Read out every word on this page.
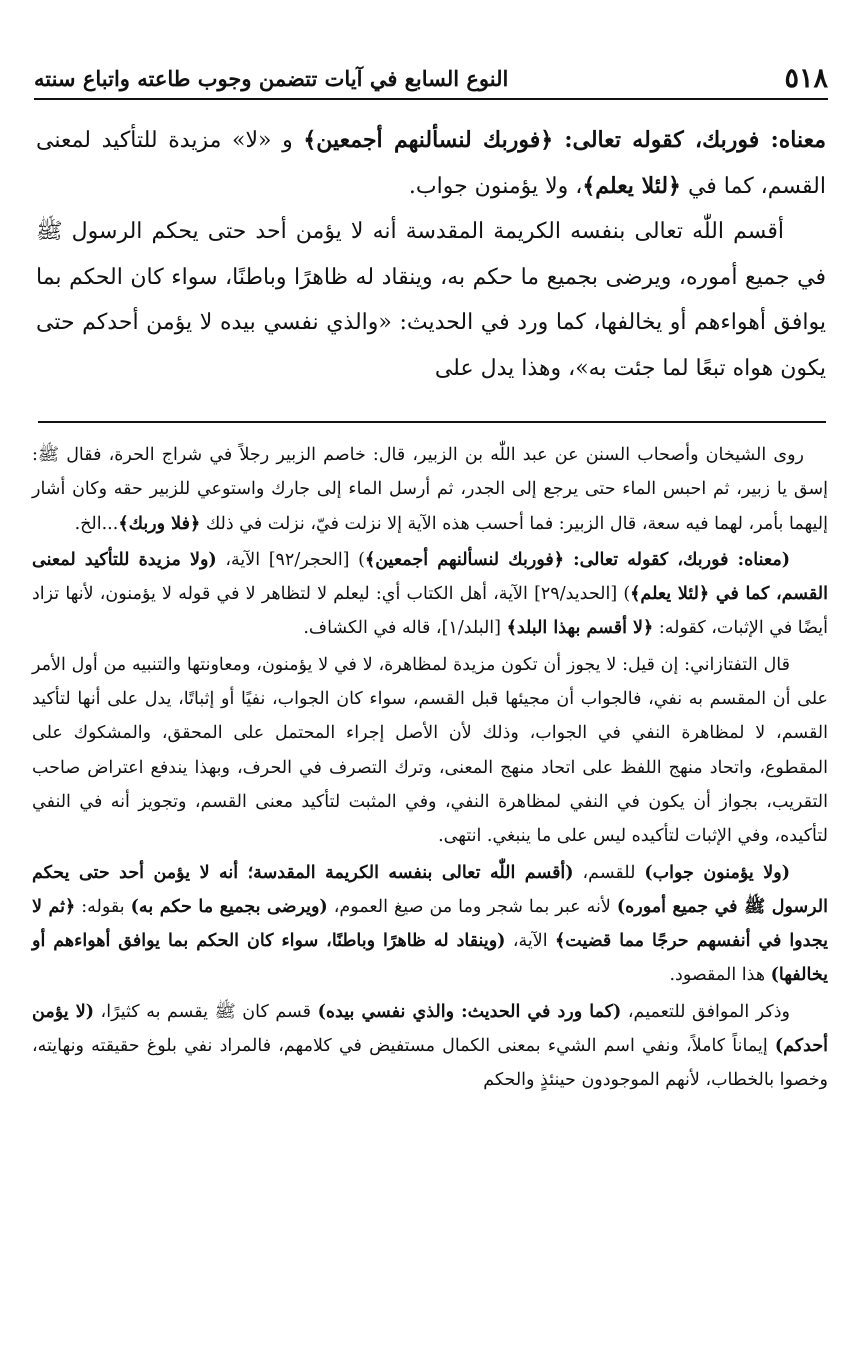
٥١٨
النوع السابع في آيات تتضمن وجوب طاعته واتباع سنته

معناه: فوربك، كقوله تعالى: ﴿فوربك لنسألنهم أجمعين﴾ و «لا» مزيدة للتأكيد لمعنى القسم، كما في ﴿لئلا يعلم﴾، ولا يؤمنون جواب.

أقسم اللّٰه تعالى بنفسه الكريمة المقدسة أنه لا يؤمن أحد حتى يحكم الرسول ﷺ في جميع أموره، ويرضى بجميع ما حكم به، وينقاد له ظاهرًا وباطنًا، سواء كان الحكم بما يوافق أهواءهم أو يخالفها، كما ورد في الحديث: «والذي نفسي بيده لا يؤمن أحدكم حتى يكون هواه تبعًا لما جئت به»، وهذا يدل على

روى الشيخان وأصحاب السنن عن عبد اللّٰه بن الزبير، قال: خاصم الزبير رجلاً في شراج الحرة، فقال ﷺ: إسق يا زبير، ثم احبس الماء حتى يرجع إلى الجدر، ثم أرسل الماء إلى جارك واستوعي للزبير حقه وكان أشار إليهما بأمر، لهما فيه سعة، قال الزبير: فما أحسب هذه الآية إلا نزلت فيّ، نزلت في ذلك ﴿فلا وربك﴾...الخ.

(معناه: فوربك، كقوله تعالى: ﴿فوربك لنسألنهم أجمعين﴾) [الحجر/٩٢] الآية، (ولا مزيدة للتأكيد لمعنى القسم، كما في ﴿لئلا يعلم﴾) [الحديد/٢٩] الآية، أهل الكتاب أي: ليعلم لا لتظاهر لا في قوله لا يؤمنون، لأنها تزاد أيضًا في الإثبات، كقوله: ﴿لا أقسم بهذا البلد﴾ [البلد/١]، قاله في الكشاف.

قال التفتازاني: إن قيل: لا يجوز أن تكون مزيدة لمظاهرة، لا في لا يؤمنون، ومعاونتها والتنبيه من أول الأمر على أن المقسم به نفي، فالجواب أن مجيئها قبل القسم، سواء كان الجواب، نفيًا أو إثباتًا، يدل على أنها لتأكيد القسم، لا لمظاهرة النفي في الجواب، وذلك لأن الأصل إجراء المحتمل على المحقق، والمشكوك على المقطوع، واتحاد منهج اللفظ على اتحاد منهج المعنى، وترك التصرف في الحرف، وبهذا يندفع اعتراض صاحب التقريب، بجواز أن يكون في النفي لمظاهرة النفي، وفي المثبت لتأكيد معنى القسم، وتجويز أنه في النفي لتأكيده، وفي الإثبات لتأكيده ليس على ما ينبغي. انتهى.

(ولا يؤمنون جواب) للقسم، (أقسم اللّٰه تعالى بنفسه الكريمة المقدسة؛ أنه لا يؤمن أحد حتى يحكم الرسول ﷺ في جميع أموره) لأنه عبر بما شجر وما من صيغ العموم، (ويرضى بجميع ما حكم به) بقوله: ﴿ثم لا يجدوا في أنفسهم حرجًا مما قضيت﴾ الآية، (وينقاد له ظاهرًا وباطنًا، سواء كان الحكم بما يوافق أهواءهم أو يخالفها) هذا المقصود.

وذكر الموافق للتعميم، (كما ورد في الحديث: والذي نفسي بيده) قسم كان ﷺ يقسم به كثيرًا، (لا يؤمن أحدكم) إيماناً كاملاً، ونفي اسم الشيء بمعنى الكمال مستفيض في كلامهم، فالمراد نفي بلوغ حقيقته ونهايته، وخصوا بالخطاب، لأنهم الموجودون حينئذٍ والحكم
